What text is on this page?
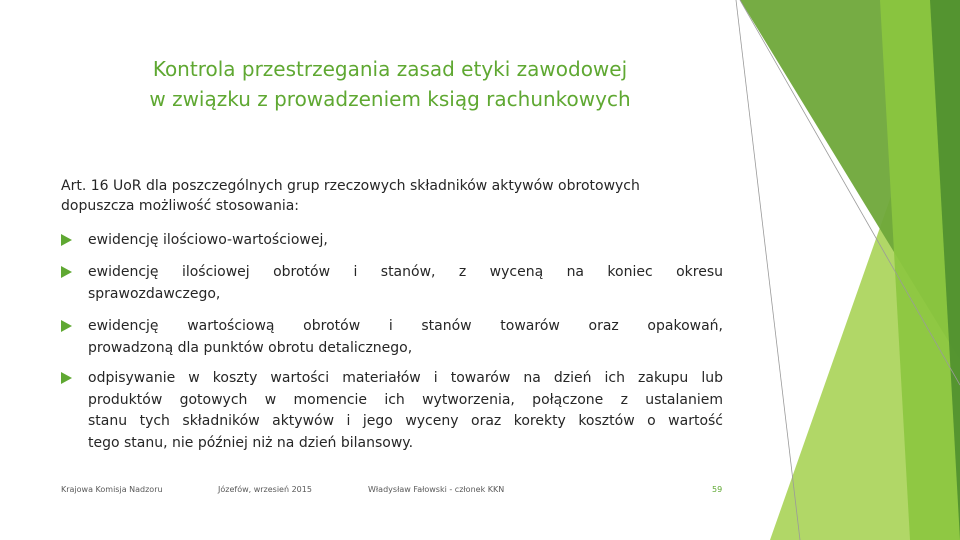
Kontrola przestrzegania zasad etyki zawodowej
w związku z prowadzeniem ksiąg rachunkowych
Art. 16 UoR dla poszczególnych grup rzeczowych składników aktywów obrotowych
dopuszcza możliwość stosowania:
ewidencję ilościowo-wartościowej,
ewidencję ilościowej obrotów i stanów, z wyceną na koniec okresu
sprawozdawczego,
ewidencję wartościową obrotów i stanów towarów oraz opakowań,
prowadzoną dla punktów obrotu detalicznego,
odpisywanie w koszty wartości materiałów i towarów na dzień ich zakupu lub
produktów gotowych w momencie ich wytworzenia, połączone z ustalaniem
stanu tych składników aktywów i jego wyceny oraz korekty kosztów o wartość
tego stanu, nie później niż na dzień bilansowy.
Krajowa Komisja Nadzoru	Józefów, wrzesień 2015	Władysław Fałowski - członek KKN	59
